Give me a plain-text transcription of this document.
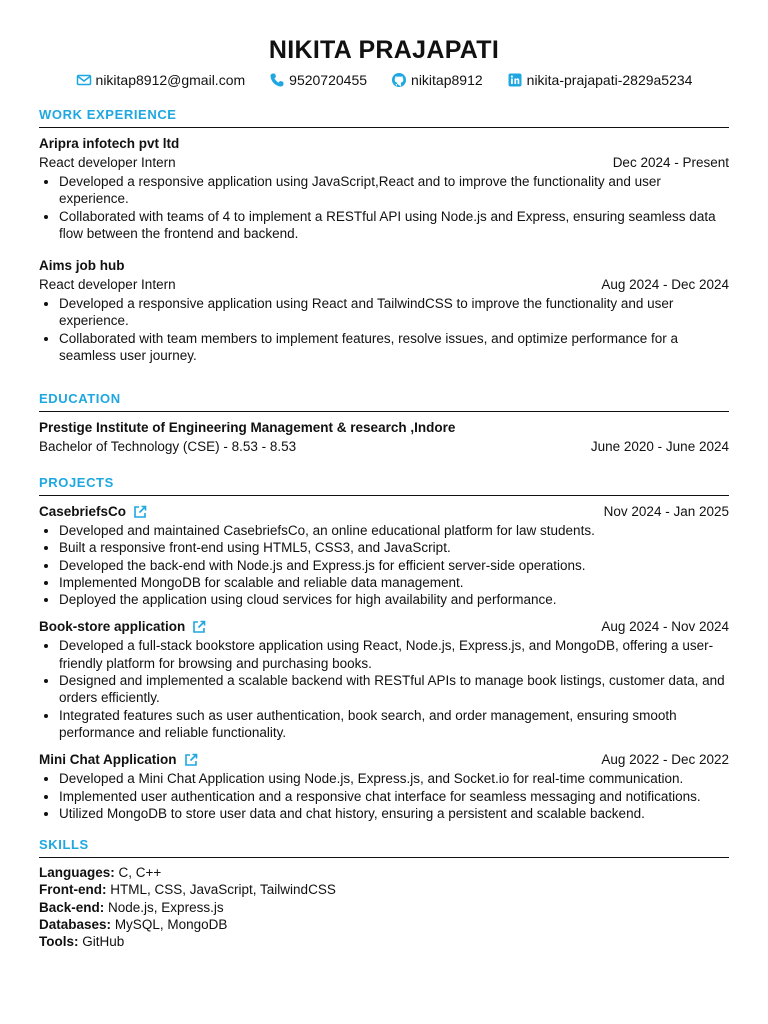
NIKITA PRAJAPATI
nikitap8912@gmail.com	9520720455	nikitap8912	nikita-prajapati-2829a5234
WORK EXPERIENCE
Aripra infotech pvt ltd
React developer Intern	Dec 2024 - Present
• Developed a responsive application using JavaScript,React and to improve the functionality and user experience.
• Collaborated with teams of 4 to implement a RESTful API using Node.js and Express, ensuring seamless data flow between the frontend and backend.
Aims job hub
React developer Intern	Aug 2024 - Dec 2024
• Developed a responsive application using React and TailwindCSS to improve the functionality and user experience.
• Collaborated with team members to implement features, resolve issues, and optimize performance for a seamless user journey.
EDUCATION
Prestige Institute of Engineering Management & research ,Indore
Bachelor of Technology (CSE) - 8.53 - 8.53	June 2020 - June 2024
PROJECTS
CasebriefsCo	Nov 2024 - Jan 2025
• Developed and maintained CasebriefsCo, an online educational platform for law students.
• Built a responsive front-end using HTML5, CSS3, and JavaScript.
• Developed the back-end with Node.js and Express.js for efficient server-side operations.
• Implemented MongoDB for scalable and reliable data management.
• Deployed the application using cloud services for high availability and performance.
Book-store application	Aug 2024 - Nov 2024
• Developed a full-stack bookstore application using React, Node.js, Express.js, and MongoDB, offering a user-friendly platform for browsing and purchasing books.
• Designed and implemented a scalable backend with RESTful APIs to manage book listings, customer data, and orders efficiently.
• Integrated features such as user authentication, book search, and order management, ensuring smooth performance and reliable functionality.
Mini Chat Application	Aug 2022 - Dec 2022
• Developed a Mini Chat Application using Node.js, Express.js, and Socket.io for real-time communication.
• Implemented user authentication and a responsive chat interface for seamless messaging and notifications.
• Utilized MongoDB to store user data and chat history, ensuring a persistent and scalable backend.
SKILLS
Languages: C, C++
Front-end: HTML, CSS, JavaScript, TailwindCSS
Back-end: Node.js, Express.js
Databases: MySQL, MongoDB
Tools: GitHub
